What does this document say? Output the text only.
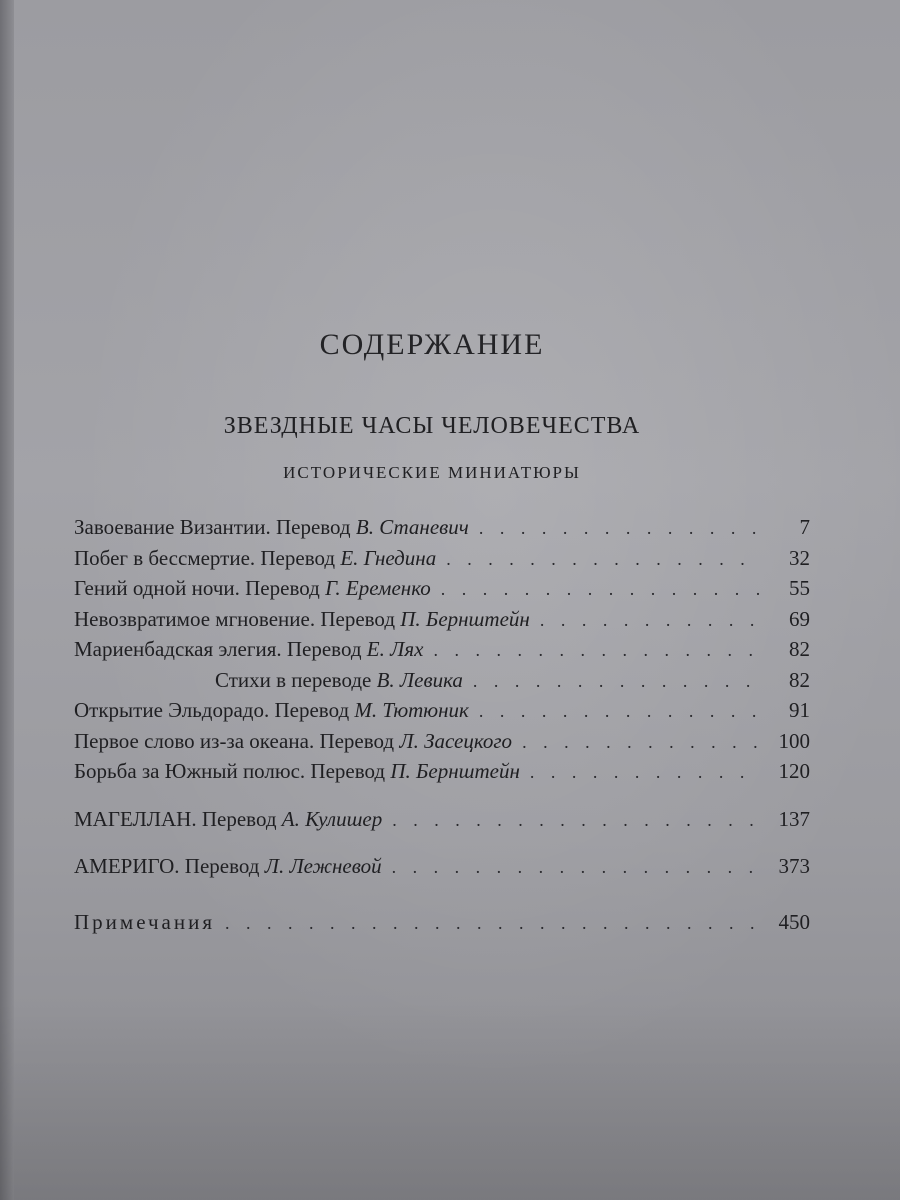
СОДЕРЖАНИЕ
ЗВЕЗДНЫЕ ЧАСЫ ЧЕЛОВЕЧЕСТВА
ИСТОРИЧЕСКИЕ МИНИАТЮРЫ
Завоевание Византии. Перевод В. Станевич . . .	7
Побег в бессмертие. Перевод Е. Гнедина . . .	32
Гений одной ночи. Перевод Г. Еременко . . .	55
Невозвратимое мгновение. Перевод П. Бернштейн . . .	69
Мариенбадская элегия. Перевод Е. Лях . . .	82
Стихи в переводе В. Левика . . .	82
Открытие Эльдорадо. Перевод М. Тютюник . . .	91
Первое слово из-за океана. Перевод Л. Засецкого . . .	100
Борьба за Южный полюс. Перевод П. Бернштейн . . .	120
МАГЕЛЛАН. Перевод А. Кулишер . . .	137
АМЕРИГО. Перевод Л. Лежневой . . .	373
Примечания . . .	450
